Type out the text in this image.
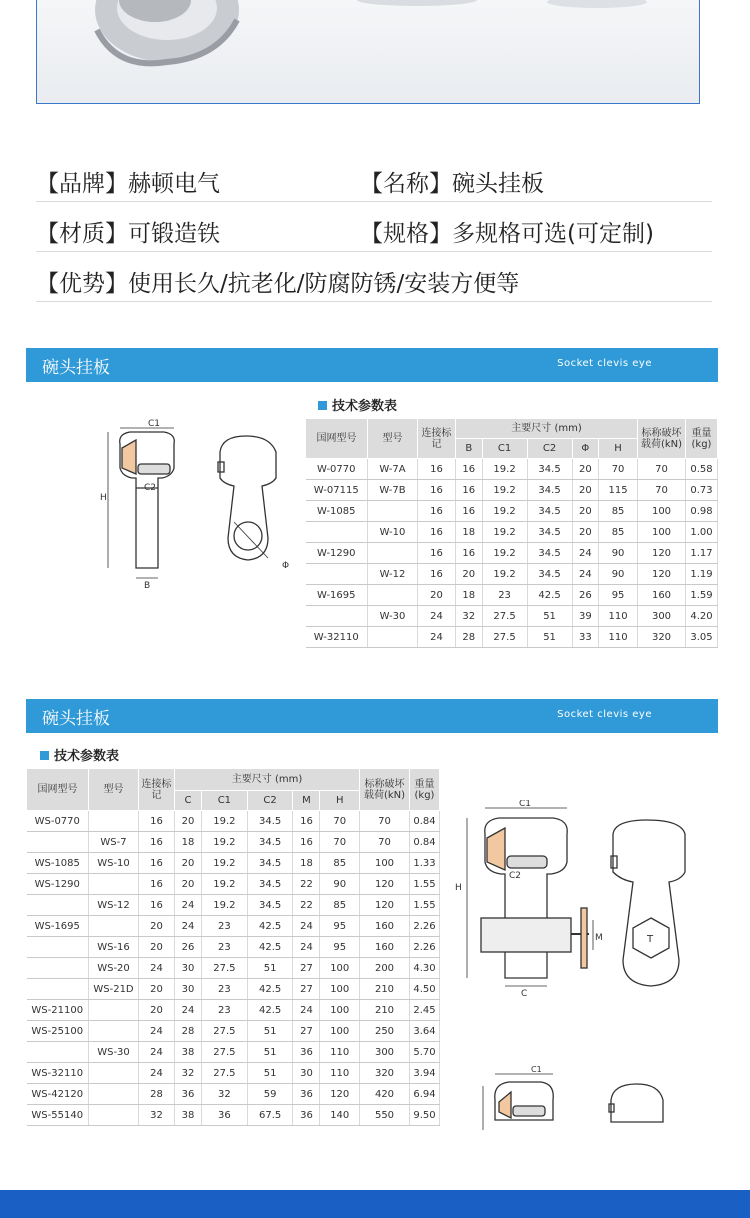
【品牌】赫顿电气	【名称】碗头挂板
【材质】可锻造铁	【规格】多规格可选(可定制)
【优势】使用长久/抗老化/防腐防锈/安装方便等
碗头挂板	Socket clevis eye
技术参数表
C1
C2
H
B
Φ
国网型号	型号	连接标记	主要尺寸 (mm)					标称破坏载荷(kN)	重量(kg)
			B	C1	C2	Φ	H		
W-0770	W-7A	16	16	19.2	34.5	20	70	70	0.58
W-07115	W-7B	16	16	19.2	34.5	20	115	70	0.73
W-1085		16	16	19.2	34.5	20	85	100	0.98
	W-10	16	18	19.2	34.5	20	85	100	1.00
W-1290		16	16	19.2	34.5	24	90	120	1.17
	W-12	16	20	19.2	34.5	24	90	120	1.19
W-1695		20	18	23	42.5	26	95	160	1.59
	W-30	24	32	27.5	51	39	110	300	4.20
W-32110		24	28	27.5	51	33	110	320	3.05
碗头挂板	Socket clevis eye
技术参数表
国网型号	型号	连接标记	主要尺寸 (mm)					标称破坏载荷(kN)	重量(kg)
			C	C1	C2	M	H		
WS-0770		16	20	19.2	34.5	16	70	70	0.84
	WS-7	16	18	19.2	34.5	16	70	70	0.84
WS-1085	WS-10	16	20	19.2	34.5	18	85	100	1.33
WS-1290		16	20	19.2	34.5	22	90	120	1.55
	WS-12	16	24	19.2	34.5	22	85	120	1.55
WS-1695		20	24	23	42.5	24	95	160	2.26
	WS-16	20	26	23	42.5	24	95	160	2.26
	WS-20	24	30	27.5	51	27	100	200	4.30
	WS-21D	20	30	23	42.5	27	100	210	4.50
WS-21100		20	24	23	42.5	24	100	210	2.45
WS-25100		24	28	27.5	51	27	100	250	3.64
	WS-30	24	38	27.5	51	36	110	300	5.70
WS-32110		24	32	27.5	51	30	110	320	3.94
WS-42120		28	36	32	59	36	120	420	6.94
WS-55140		32	38	36	67.5	36	140	550	9.50
C1
C2
H
C
M	T
C1
